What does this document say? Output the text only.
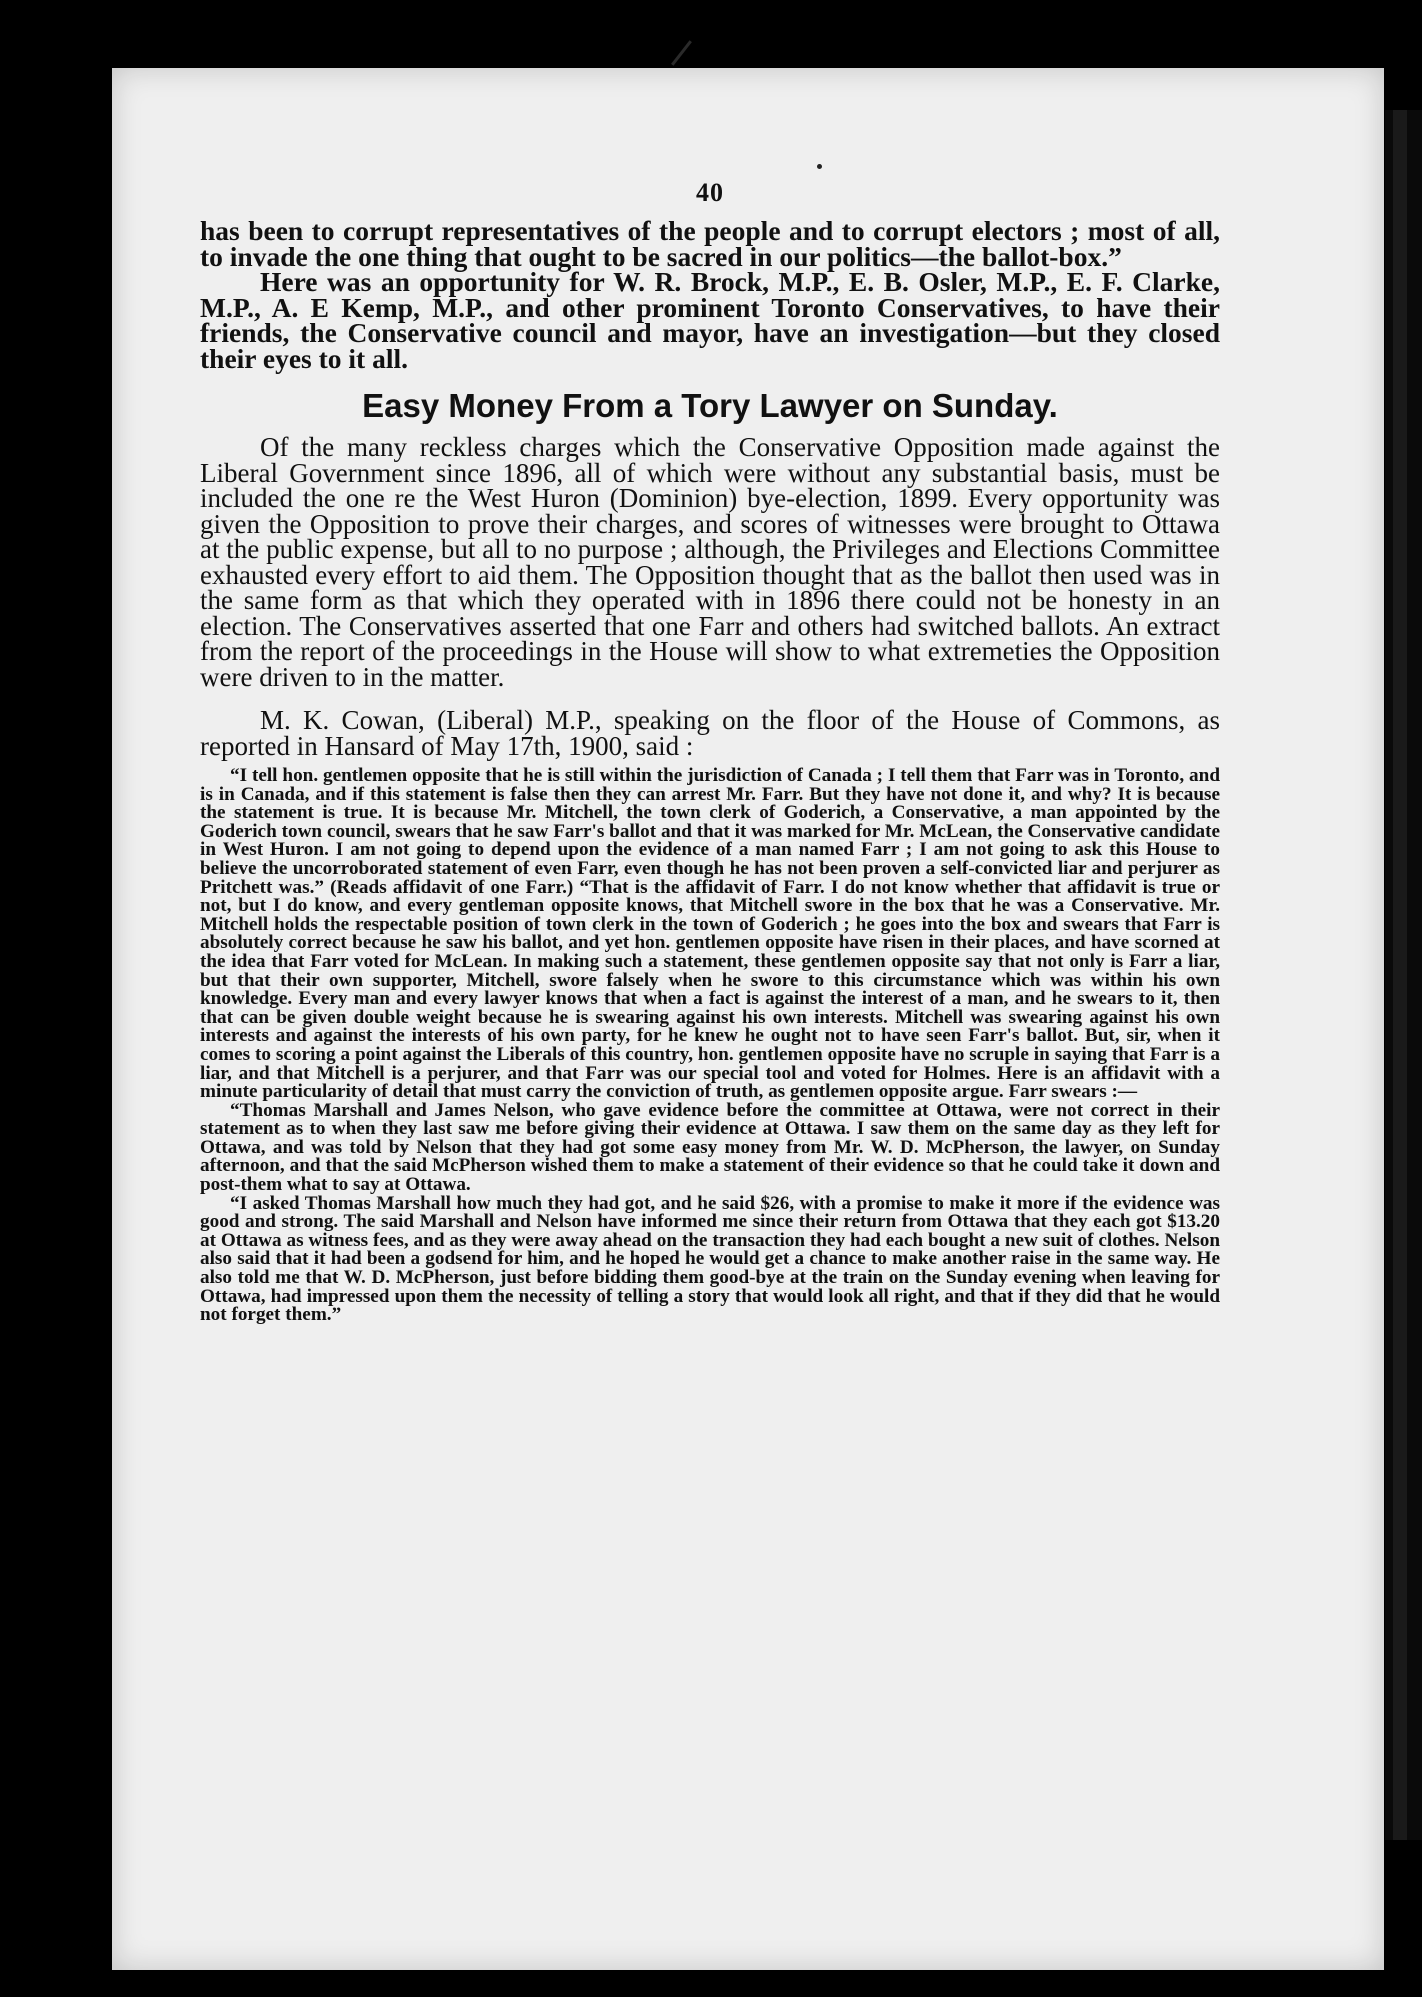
40

has been to corrupt representatives of the people and to corrupt electors ; most of all, to invade the one thing that ought to be sacred in our politics—the ballot-box.”

Here was an opportunity for W. R. Brock, M.P., E. B. Osler, M.P., E. F. Clarke, M.P., A. E Kemp, M.P., and other prominent Toronto Conservatives, to have their friends, the Conservative council and mayor, have an investigation—but they closed their eyes to it all.

Easy Money From a Tory Lawyer on Sunday.

Of the many reckless charges which the Conservative Opposition made against the Liberal Government since 1896, all of which were without any substantial basis, must be included the one re the West Huron (Dominion) bye-election, 1899. Every opportunity was given the Opposition to prove their charges, and scores of witnesses were brought to Ottawa at the public expense, but all to no purpose ; although, the Privileges and Elections Committee exhausted every effort to aid them. The Opposition thought that as the ballot then used was in the same form as that which they operated with in 1896 there could not be honesty in an election. The Conservatives asserted that one Farr and others had switched ballots. An extract from the report of the proceedings in the House will show to what extremeties the Opposition were driven to in the matter.

M. K. Cowan, (Liberal) M.P., speaking on the floor of the House of Commons, as reported in Hansard of May 17th, 1900, said :

“I tell hon. gentlemen opposite that he is still within the jurisdiction of Canada ; I tell them that Farr was in Toronto, and is in Canada, and if this statement is false then they can arrest Mr. Farr. But they have not done it, and why? It is because the statement is true. It is because Mr. Mitchell, the town clerk of Goderich, a Conservative, a man appointed by the Goderich town council, swears that he saw Farr's ballot and that it was marked for Mr. McLean, the Conservative candidate in West Huron. I am not going to depend upon the evidence of a man named Farr ; I am not going to ask this House to believe the uncorroborated statement of even Farr, even though he has not been proven a self-convicted liar and perjurer as Pritchett was.” (Reads affidavit of one Farr.) “That is the affidavit of Farr. I do not know whether that affidavit is true or not, but I do know, and every gentleman opposite knows, that Mitchell swore in the box that he was a Conservative. Mr. Mitchell holds the respectable position of town clerk in the town of Goderich ; he goes into the box and swears that Farr is absolutely correct because he saw his ballot, and yet hon. gentlemen opposite have risen in their places, and have scorned at the idea that Farr voted for McLean. In making such a statement, these gentlemen opposite say that not only is Farr a liar, but that their own supporter, Mitchell, swore falsely when he swore to this circumstance which was within his own knowledge. Every man and every lawyer knows that when a fact is against the interest of a man, and he swears to it, then that can be given double weight because he is swearing against his own interests. Mitchell was swearing against his own interests and against the interests of his own party, for he knew he ought not to have seen Farr's ballot. But, sir, when it comes to scoring a point against the Liberals of this country, hon. gentlemen opposite have no scruple in saying that Farr is a liar, and that Mitchell is a perjurer, and that Farr was our special tool and voted for Holmes. Here is an affidavit with a minute particularity of detail that must carry the conviction of truth, as gentlemen opposite argue. Farr swears :—

“Thomas Marshall and James Nelson, who gave evidence before the committee at Ottawa, were not correct in their statement as to when they last saw me before giving their evidence at Ottawa. I saw them on the same day as they left for Ottawa, and was told by Nelson that they had got some easy money from Mr. W. D. McPherson, the lawyer, on Sunday afternoon, and that the said McPherson wished them to make a statement of their evidence so that he could take it down and post-them what to say at Ottawa.

“I asked Thomas Marshall how much they had got, and he said $26, with a promise to make it more if the evidence was good and strong. The said Marshall and Nelson have informed me since their return from Ottawa that they each got $13.20 at Ottawa as witness fees, and as they were away ahead on the transaction they had each bought a new suit of clothes. Nelson also said that it had been a godsend for him, and he hoped he would get a chance to make another raise in the same way. He also told me that W. D. McPherson, just before bidding them good-bye at the train on the Sunday evening when leaving for Ottawa, had impressed upon them the necessity of telling a story that would look all right, and that if they did that he would not forget them.”
